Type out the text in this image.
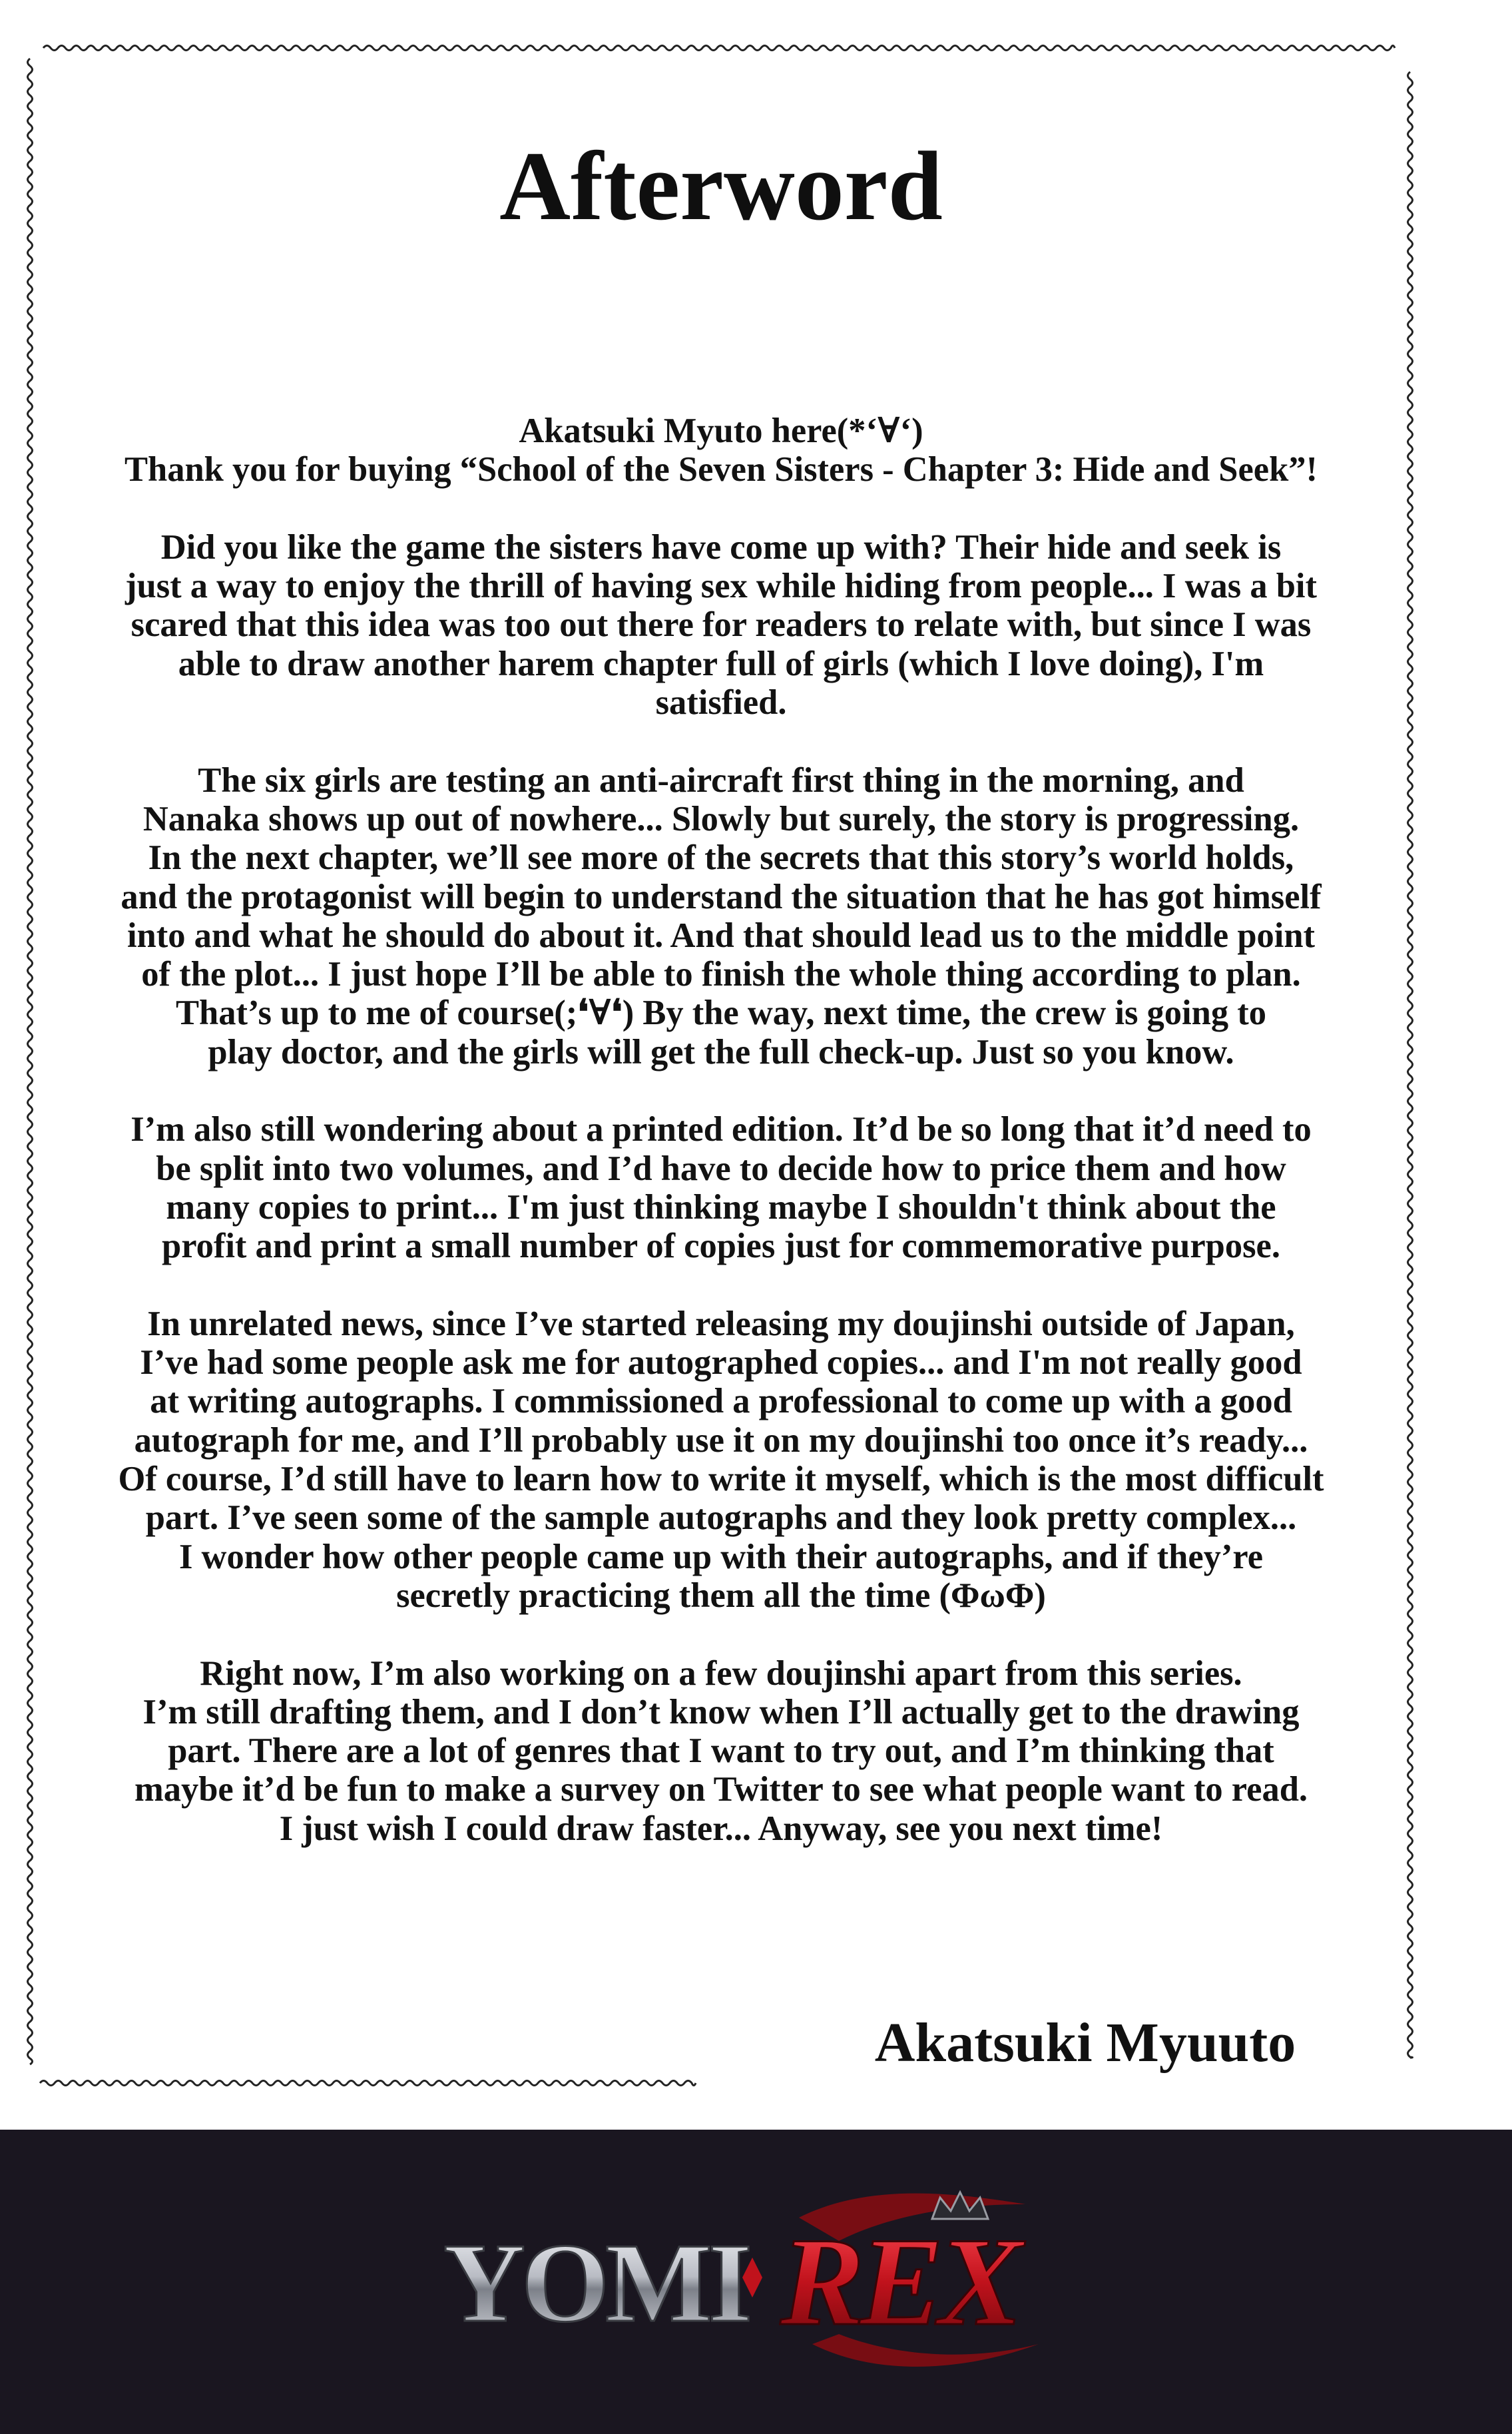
Afterword

Akatsuki Myuto here(*‘∀‘)
Thank you for buying “School of the Seven Sisters - Chapter 3: Hide and Seek”!

Did you like the game the sisters have come up with? Their hide and seek is
just a way to enjoy the thrill of having sex while hiding from people... I was a bit
scared that this idea was too out there for readers to relate with, but since I was
able to draw another harem chapter full of girls (which I love doing), I'm
satisfied.

The six girls are testing an anti-aircraft first thing in the morning, and
Nanaka shows up out of nowhere... Slowly but surely, the story is progressing.
In the next chapter, we’ll see more of the secrets that this story’s world holds,
and the protagonist will begin to understand the situation that he has got himself
into and what he should do about it. And that should lead us to the middle point
of the plot... I just hope I’ll be able to finish the whole thing according to plan.
That’s up to me of course(;❛∀❛) By the way, next time, the crew is going to
play doctor, and the girls will get the full check-up. Just so you know.

I’m also still wondering about a printed edition. It’d be so long that it’d need to
be split into two volumes, and I’d have to decide how to price them and how
many copies to print... I'm just thinking maybe I shouldn't think about the
profit and print a small number of copies just for commemorative purpose.

In unrelated news, since I’ve started releasing my doujinshi outside of Japan,
I’ve had some people ask me for autographed copies... and I'm not really good
at writing autographs. I commissioned a professional to come up with a good
autograph for me, and I’ll probably use it on my doujinshi too once it’s ready...
Of course, I’d still have to learn how to write it myself, which is the most difficult
part. I’ve seen some of the sample autographs and they look pretty complex...
I wonder how other people came up with their autographs, and if they’re
secretly practicing them all the time (ΦωΦ)

Right now, I’m also working on a few doujinshi apart from this series.
I’m still drafting them, and I don’t know when I’ll actually get to the drawing
part. There are a lot of genres that I want to try out, and I’m thinking that
maybe it’d be fun to make a survey on Twitter to see what people want to read.
I just wish I could draw faster... Anyway, see you next time!

Akatsuki Myuuto
YOMI REX
